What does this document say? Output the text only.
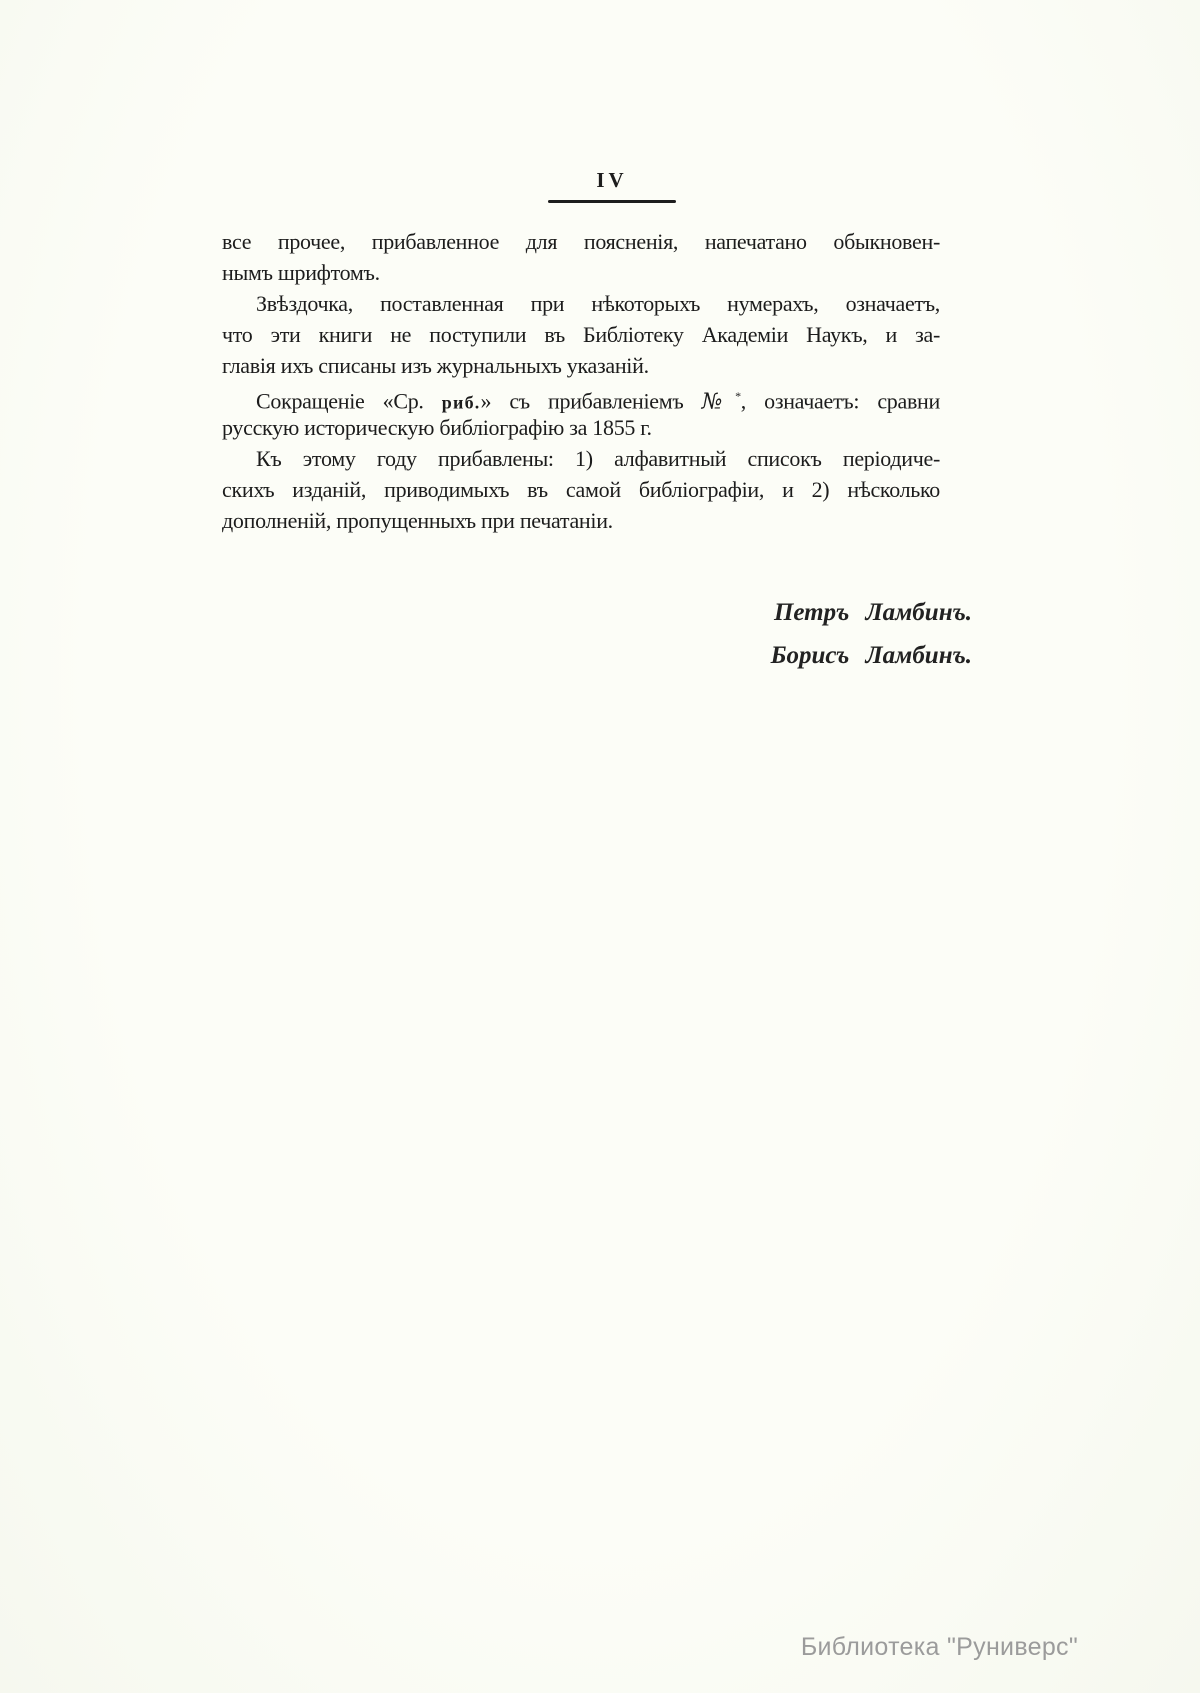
IV
все прочее, прибавленное для поясненія, напечатано обыкновен-
нымъ шрифтомъ.
Звѣздочка, поставленная при нѣкоторыхъ нумерахъ, означаетъ,
что эти книги не поступили въ Библіотеку Академіи Наукъ, и за-
главія ихъ списаны изъ журнальныхъ указаній.
Сокращеніе «Ср. риб.» съ прибавленіемъ №*, означаетъ: сравни
русскую историческую библіографію за 1855 г.
Къ этому году прибавлены: 1) алфавитный списокъ періодиче-
скихъ изданій, приводимыхъ въ самой библіографіи, и 2) нѣсколько
дополненій, пропущенныхъ при печатаніи.
Петръ Ламбинъ.
Борисъ Ламбинъ.
Библиотека "Руниверс"
